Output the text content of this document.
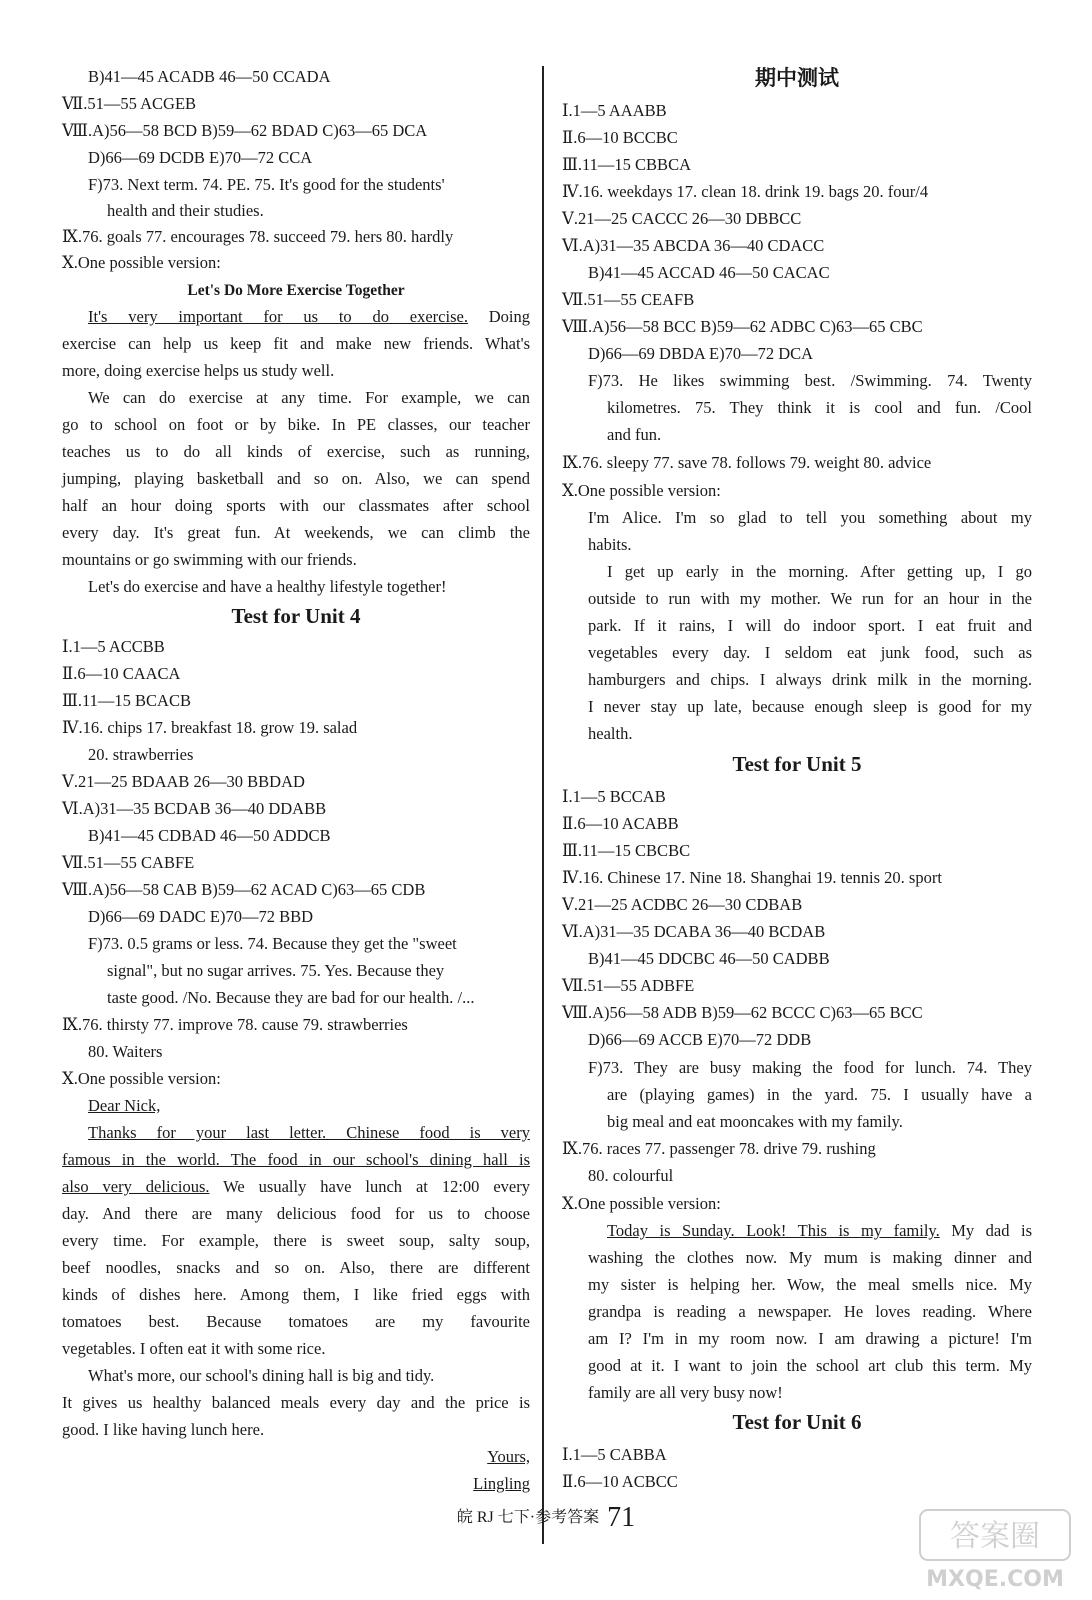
Let's Do More Exercise Together
Test for Unit 4
B)41—45 ACADB 46—50 CCADA
Ⅶ.51—55 ACGEB
Ⅷ.A)56—58 BCD B)59—62 BDAD C)63—65 DCA
D)66—69 DCDB E)70—72 CCA
F)73. Next term. 74. PE. 75. It's good for the students'
health and their studies.
Ⅸ.76. goals 77. encourages 78. succeed 79. hers 80. hardly
Ⅹ.One possible version:
It's very important for us to do exercise. Doing
exercise can help us keep fit and make new friends. What's
more, doing exercise helps us study well.
We can do exercise at any time. For example, we can
go to school on foot or by bike. In PE classes, our teacher
teaches us to do all kinds of exercise, such as running,
jumping, playing basketball and so on. Also, we can spend
half an hour doing sports with our classmates after school
every day. It's great fun. At weekends, we can climb the
mountains or go swimming with our friends.
Let's do exercise and have a healthy lifestyle together!
Ⅰ.1—5 ACCBB
Ⅱ.6—10 CAACA
Ⅲ.11—15 BCACB
Ⅳ.16. chips 17. breakfast 18. grow 19. salad
20. strawberries
Ⅴ.21—25 BDAAB 26—30 BBDAD
Ⅵ.A)31—35 BCDAB 36—40 DDABB
B)41—45 CDBAD 46—50 ADDCB
Ⅶ.51—55 CABFE
Ⅷ.A)56—58 CAB B)59—62 ACAD C)63—65 CDB
D)66—69 DADC E)70—72 BBD
F)73. 0.5 grams or less. 74. Because they get the "sweet
signal", but no sugar arrives. 75. Yes. Because they
taste good. /No. Because they are bad for our health. /...
Ⅸ.76. thirsty 77. improve 78. cause 79. strawberries
80. Waiters
Ⅹ.One possible version:
Dear Nick,
Thanks for your last letter. Chinese food is very
famous in the world. The food in our school's dining hall is
also very delicious. We usually have lunch at 12:00 every
day. And there are many delicious food for us to choose
every time. For example, there is sweet soup, salty soup,
beef noodles, snacks and so on. Also, there are different
kinds of dishes here. Among them, I like fried eggs with
tomatoes best. Because tomatoes are my favourite
vegetables. I often eat it with some rice.
What's more, our school's dining hall is big and tidy.
It gives us healthy balanced meals every day and the price is
good. I like having lunch here.
Yours,
Lingling
期中测试
Test for Unit 5
Test for Unit 6
Ⅰ.1—5 AAABB
Ⅱ.6—10 BCCBC
Ⅲ.11—15 CBBCA
Ⅳ.16. weekdays 17. clean 18. drink 19. bags 20. four/4
Ⅴ.21—25 CACCC 26—30 DBBCC
Ⅵ.A)31—35 ABCDA 36—40 CDACC
B)41—45 ACCAD 46—50 CACAC
Ⅶ.51—55 CEAFB
Ⅷ.A)56—58 BCC B)59—62 ADBC C)63—65 CBC
D)66—69 DBDA E)70—72 DCA
F)73. He likes swimming best. /Swimming. 74. Twenty
kilometres. 75. They think it is cool and fun. /Cool
and fun.
Ⅸ.76. sleepy 77. save 78. follows 79. weight 80. advice
Ⅹ.One possible version:
I'm Alice. I'm so glad to tell you something about my
habits.
I get up early in the morning. After getting up, I go
outside to run with my mother. We run for an hour in the
park. If it rains, I will do indoor sport. I eat fruit and
vegetables every day. I seldom eat junk food, such as
hamburgers and chips. I always drink milk in the morning.
I never stay up late, because enough sleep is good for my
health.
Ⅰ.1—5 BCCAB
Ⅱ.6—10 ACABB
Ⅲ.11—15 CBCBC
Ⅳ.16. Chinese 17. Nine 18. Shanghai 19. tennis 20. sport
Ⅴ.21—25 ACDBC 26—30 CDBAB
Ⅵ.A)31—35 DCABA 36—40 BCDAB
B)41—45 DDCBC 46—50 CADBB
Ⅶ.51—55 ADBFE
Ⅷ.A)56—58 ADB B)59—62 BCCC C)63—65 BCC
D)66—69 ACCB E)70—72 DDB
F)73. They are busy making the food for lunch. 74. They
are (playing games) in the yard. 75. I usually have a
big meal and eat mooncakes with my family.
Ⅸ.76. races 77. passenger 78. drive 79. rushing
80. colourful
Ⅹ.One possible version:
Today is Sunday. Look! This is my family. My dad is
washing the clothes now. My mum is making dinner and
my sister is helping her. Wow, the meal smells nice. My
grandpa is reading a newspaper. He loves reading. Where
am I? I'm in my room now. I am drawing a picture! I'm
good at it. I want to join the school art club this term. My
family are all very busy now!
Ⅰ.1—5 CABBA
Ⅱ.6—10 ACBCC
皖 RJ 七下·参考答案 71
答案圈
MXQE.COM
